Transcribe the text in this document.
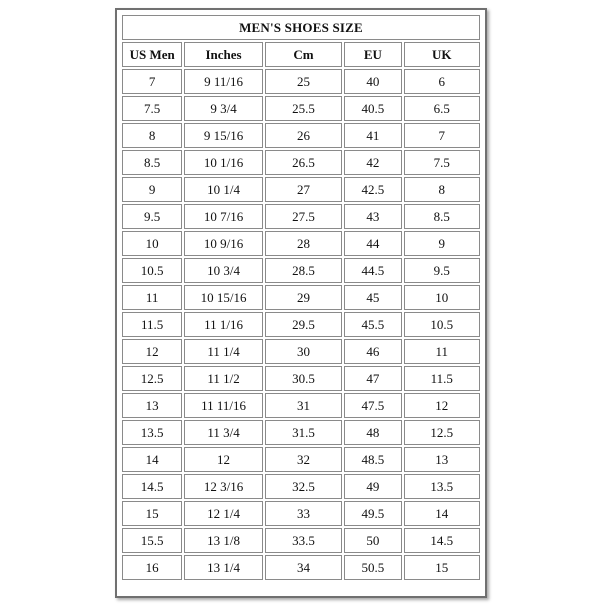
MEN'S SHOES SIZE				
US Men	Inches	Cm	EU	UK
7	9 11/16	25	40	6
7.5	9 3/4	25.5	40.5	6.5
8	9 15/16	26	41	7
8.5	10 1/16	26.5	42	7.5
9	10 1/4	27	42.5	8
9.5	10 7/16	27.5	43	8.5
10	10 9/16	28	44	9
10.5	10 3/4	28.5	44.5	9.5
11	10 15/16	29	45	10
11.5	11 1/16	29.5	45.5	10.5
12	11 1/4	30	46	11
12.5	11 1/2	30.5	47	11.5
13	11 11/16	31	47.5	12
13.5	11 3/4	31.5	48	12.5
14	12	32	48.5	13
14.5	12 3/16	32.5	49	13.5
15	12 1/4	33	49.5	14
15.5	13 1/8	33.5	50	14.5
16	13 1/4	34	50.5	15
